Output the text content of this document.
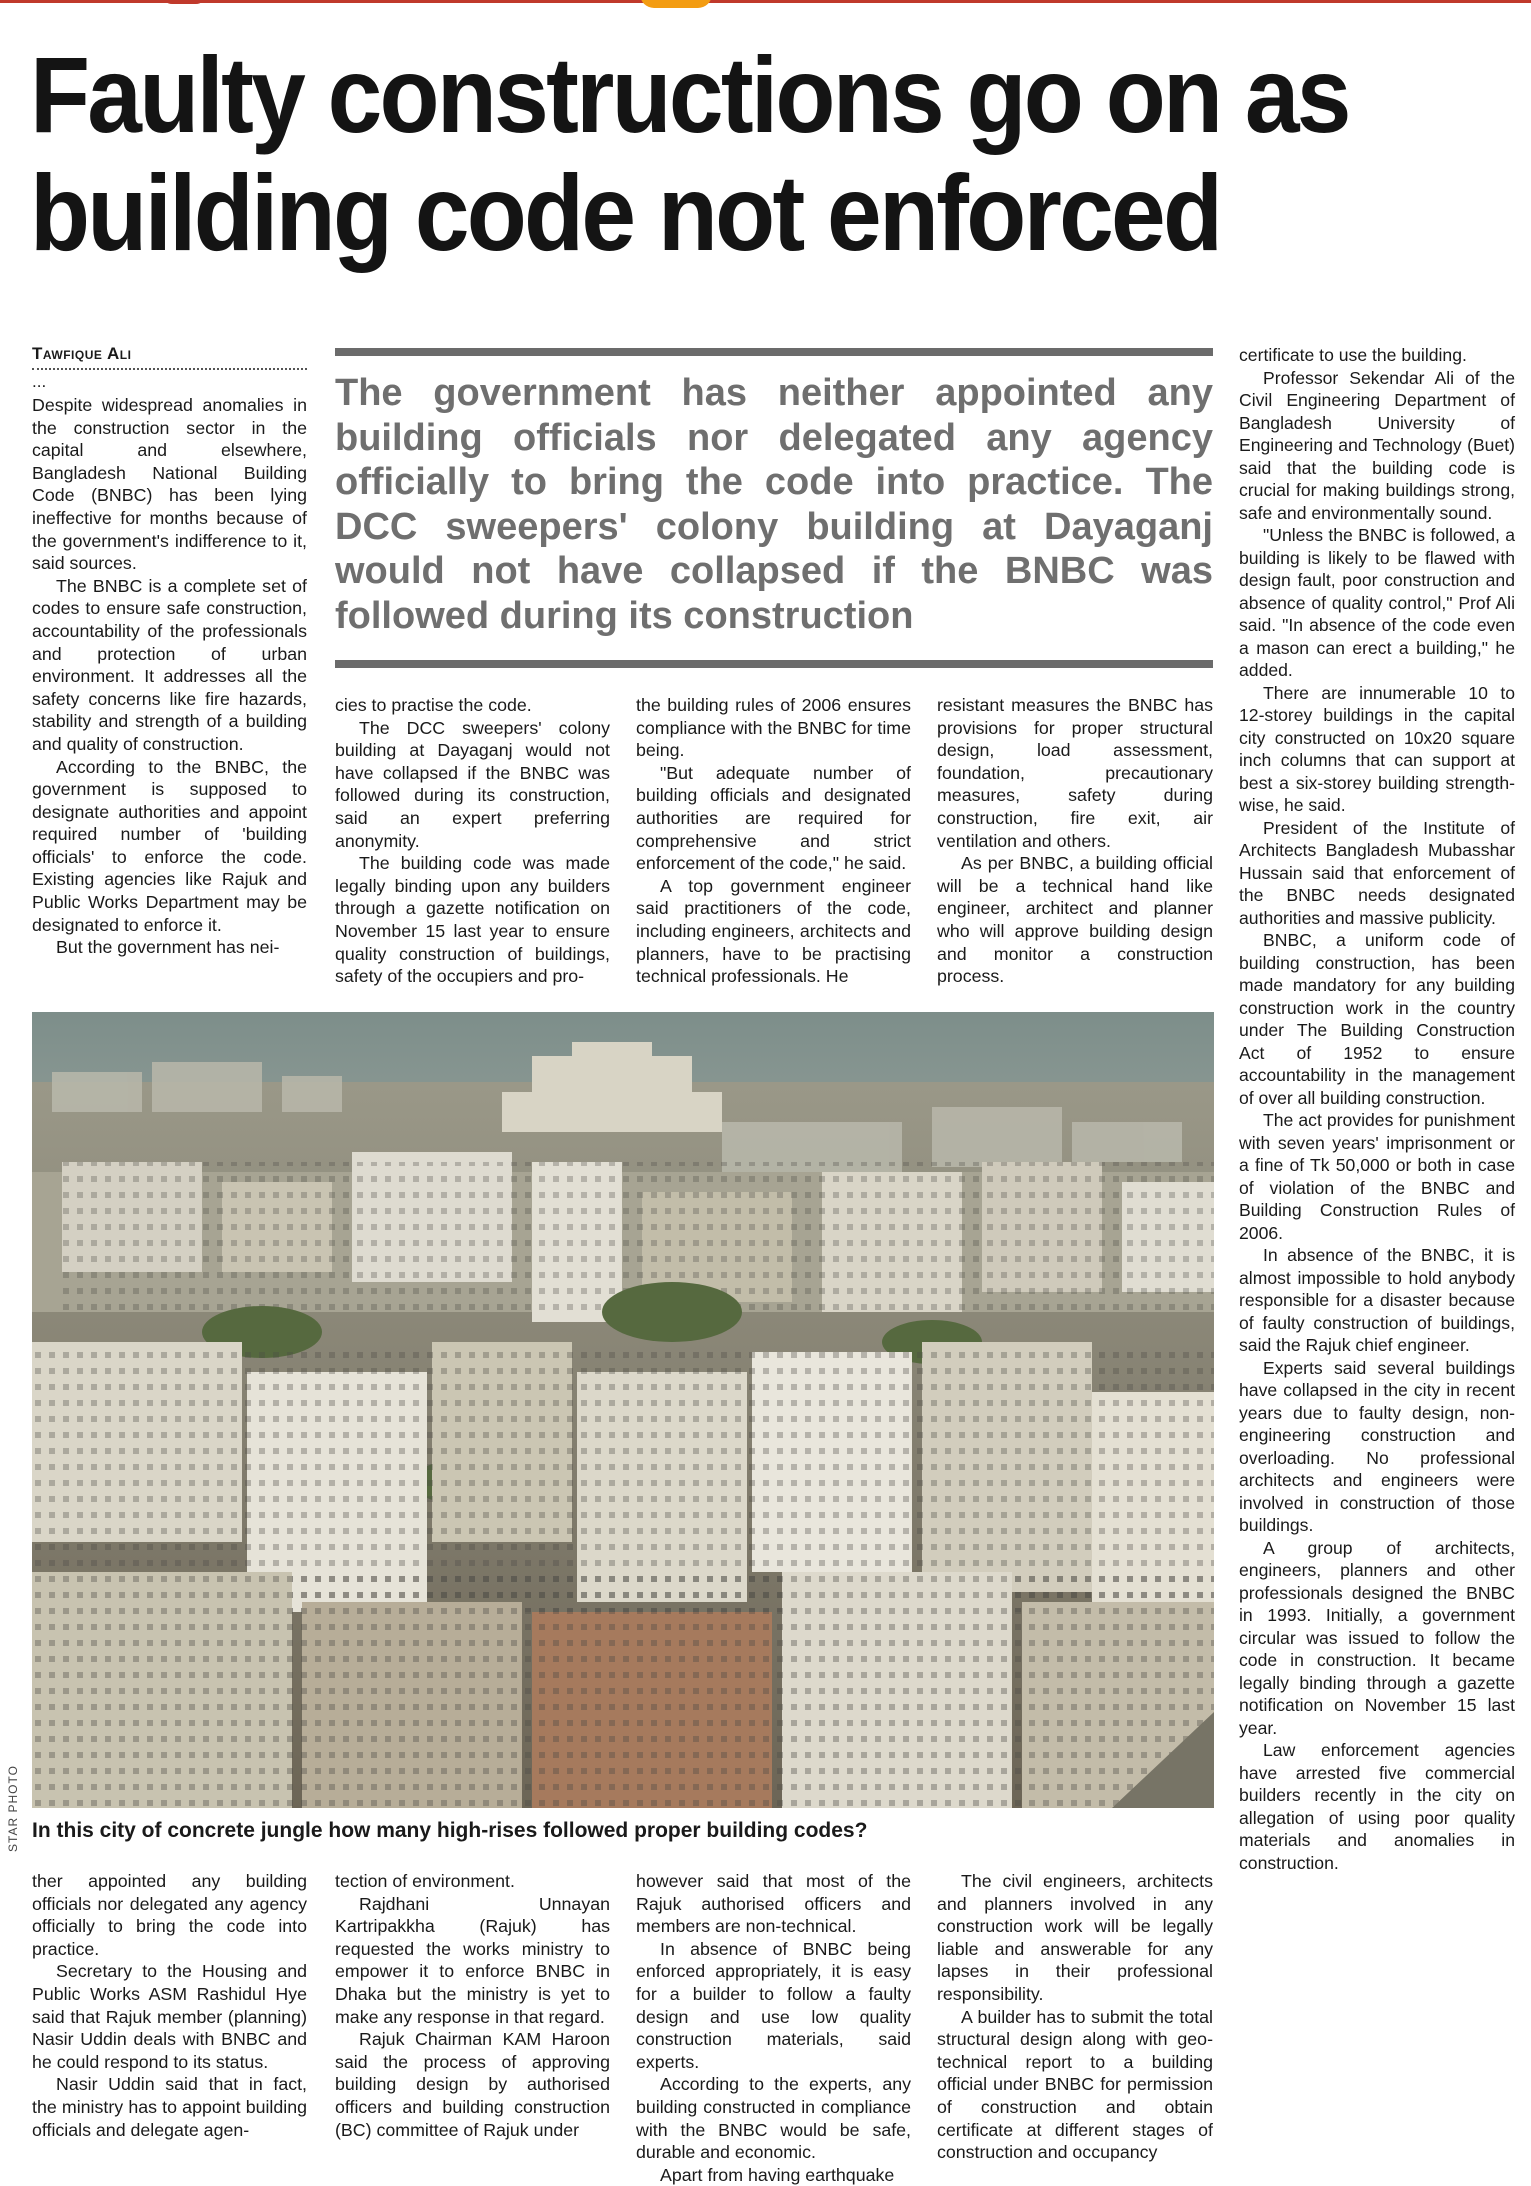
Faulty constructions go on as building code not enforced
Tawfique Ali
...	The government has neither appointed any building officials nor delegated any agency officially to bring the code into practice. The DCC sweepers' colony building at Dayaganj would not have collapsed if the BNBC was followed during its construction

Despite widespread anomalies in the construction sector in the capital and elsewhere, Bangladesh National Building Code (BNBC) has been lying ineffective for months because of the government's indifference to it, said sources.

The BNBC is a complete set of codes to ensure safe construction, accountability of the professionals and protection of urban environment. It addresses all the safety concerns like fire hazards, stability and strength of a building and quality of construction.

According to the BNBC, the government is supposed to designate authorities and appoint required number of 'building officials' to enforce the code. Existing agencies like Rajuk and Public Works Department may be designated to enforce it.

But the government has nei-

cies to practise the code.

The DCC sweepers' colony building at Dayaganj would not have collapsed if the BNBC was followed during its construction, said an expert preferring anonymity.

The building code was made legally binding upon any builders through a gazette notification on November 15 last year to ensure quality construction of buildings, safety of the occupiers and pro-

the building rules of 2006 ensures compliance with the BNBC for time being.

"But adequate number of building officials and designated authorities are required for comprehensive and strict enforcement of the code," he said.

A top government engineer said practitioners of the code, including engineers, architects and planners, have to be practising technical professionals. He

resistant measures the BNBC has provisions for proper structural design, load assessment, foundation, precautionary measures, safety during construction, fire exit, air ventilation and others.

As per BNBC, a building official will be a technical hand like engineer, architect and planner who will approve building design and monitor a construction process.

certificate to use the building.

Professor Sekendar Ali of the Civil Engineering Department of Bangladesh University of Engineering and Technology (Buet) said that the building code is crucial for making buildings strong, safe and environmentally sound.

"Unless the BNBC is followed, a building is likely to be flawed with design fault, poor construction and absence of quality control," Prof Ali said. "In absence of the code even a mason can erect a building," he added.

There are innumerable 10 to 12-storey buildings in the capital city constructed on 10x20 square inch columns that can support at best a six-storey building strength-wise, he said.

President of the Institute of Architects Bangladesh Mubasshar Hussain said that enforcement of the BNBC needs designated authorities and massive publicity.

BNBC, a uniform code of building construction, has been made mandatory for any building construction work in the country under The Building Construction Act of 1952 to ensure accountability in the management of over all building construction.

The act provides for punishment with seven years' imprisonment or a fine of Tk 50,000 or both in case of violation of the BNBC and Building Construction Rules of 2006.

In absence of the BNBC, it is almost impossible to hold anybody responsible for a disaster because of faulty construction of buildings, said the Rajuk chief engineer.

Experts said several buildings have collapsed in the city in recent years due to faulty design, non-engineering construction and overloading. No professional architects and engineers were involved in construction of those buildings.

A group of architects, engineers, planners and other professionals designed the BNBC in 1993. Initially, a government circular was issued to follow the code in construction. It became legally binding through a gazette notification on November 15 last year.

Law enforcement agencies have arrested five commercial builders recently in the city on allegation of using poor quality materials and anomalies in construction.

STAR PHOTO In this city of concrete jungle how many high-rises followed proper building codes?

ther appointed any building officials nor delegated any agency officially to bring the code into practice.

Secretary to the Housing and Public Works ASM Rashidul Hye said that Rajuk member (planning) Nasir Uddin deals with BNBC and he could respond to its status.

Nasir Uddin said that in fact, the ministry has to appoint building officials and delegate agen-

tection of environment.

Rajdhani Unnayan Kartripakkha (Rajuk) has requested the works ministry to empower it to enforce BNBC in Dhaka but the ministry is yet to make any response in that regard.

Rajuk Chairman KAM Haroon said the process of approving building design by authorised officers and building construction (BC) committee of Rajuk under

however said that most of the Rajuk authorised officers and members are non-technical.

In absence of BNBC being enforced appropriately, it is easy for a builder to follow a faulty design and use low quality construction materials, said experts.

According to the experts, any building constructed in compliance with the BNBC would be safe, durable and economic.

Apart from having earthquake

The civil engineers, architects and planners involved in any construction work will be legally liable and answerable for any lapses in their professional responsibility.

A builder has to submit the total structural design along with geo-technical report to a building official under BNBC for permission of construction and obtain certificate at different stages of construction and occupancy
